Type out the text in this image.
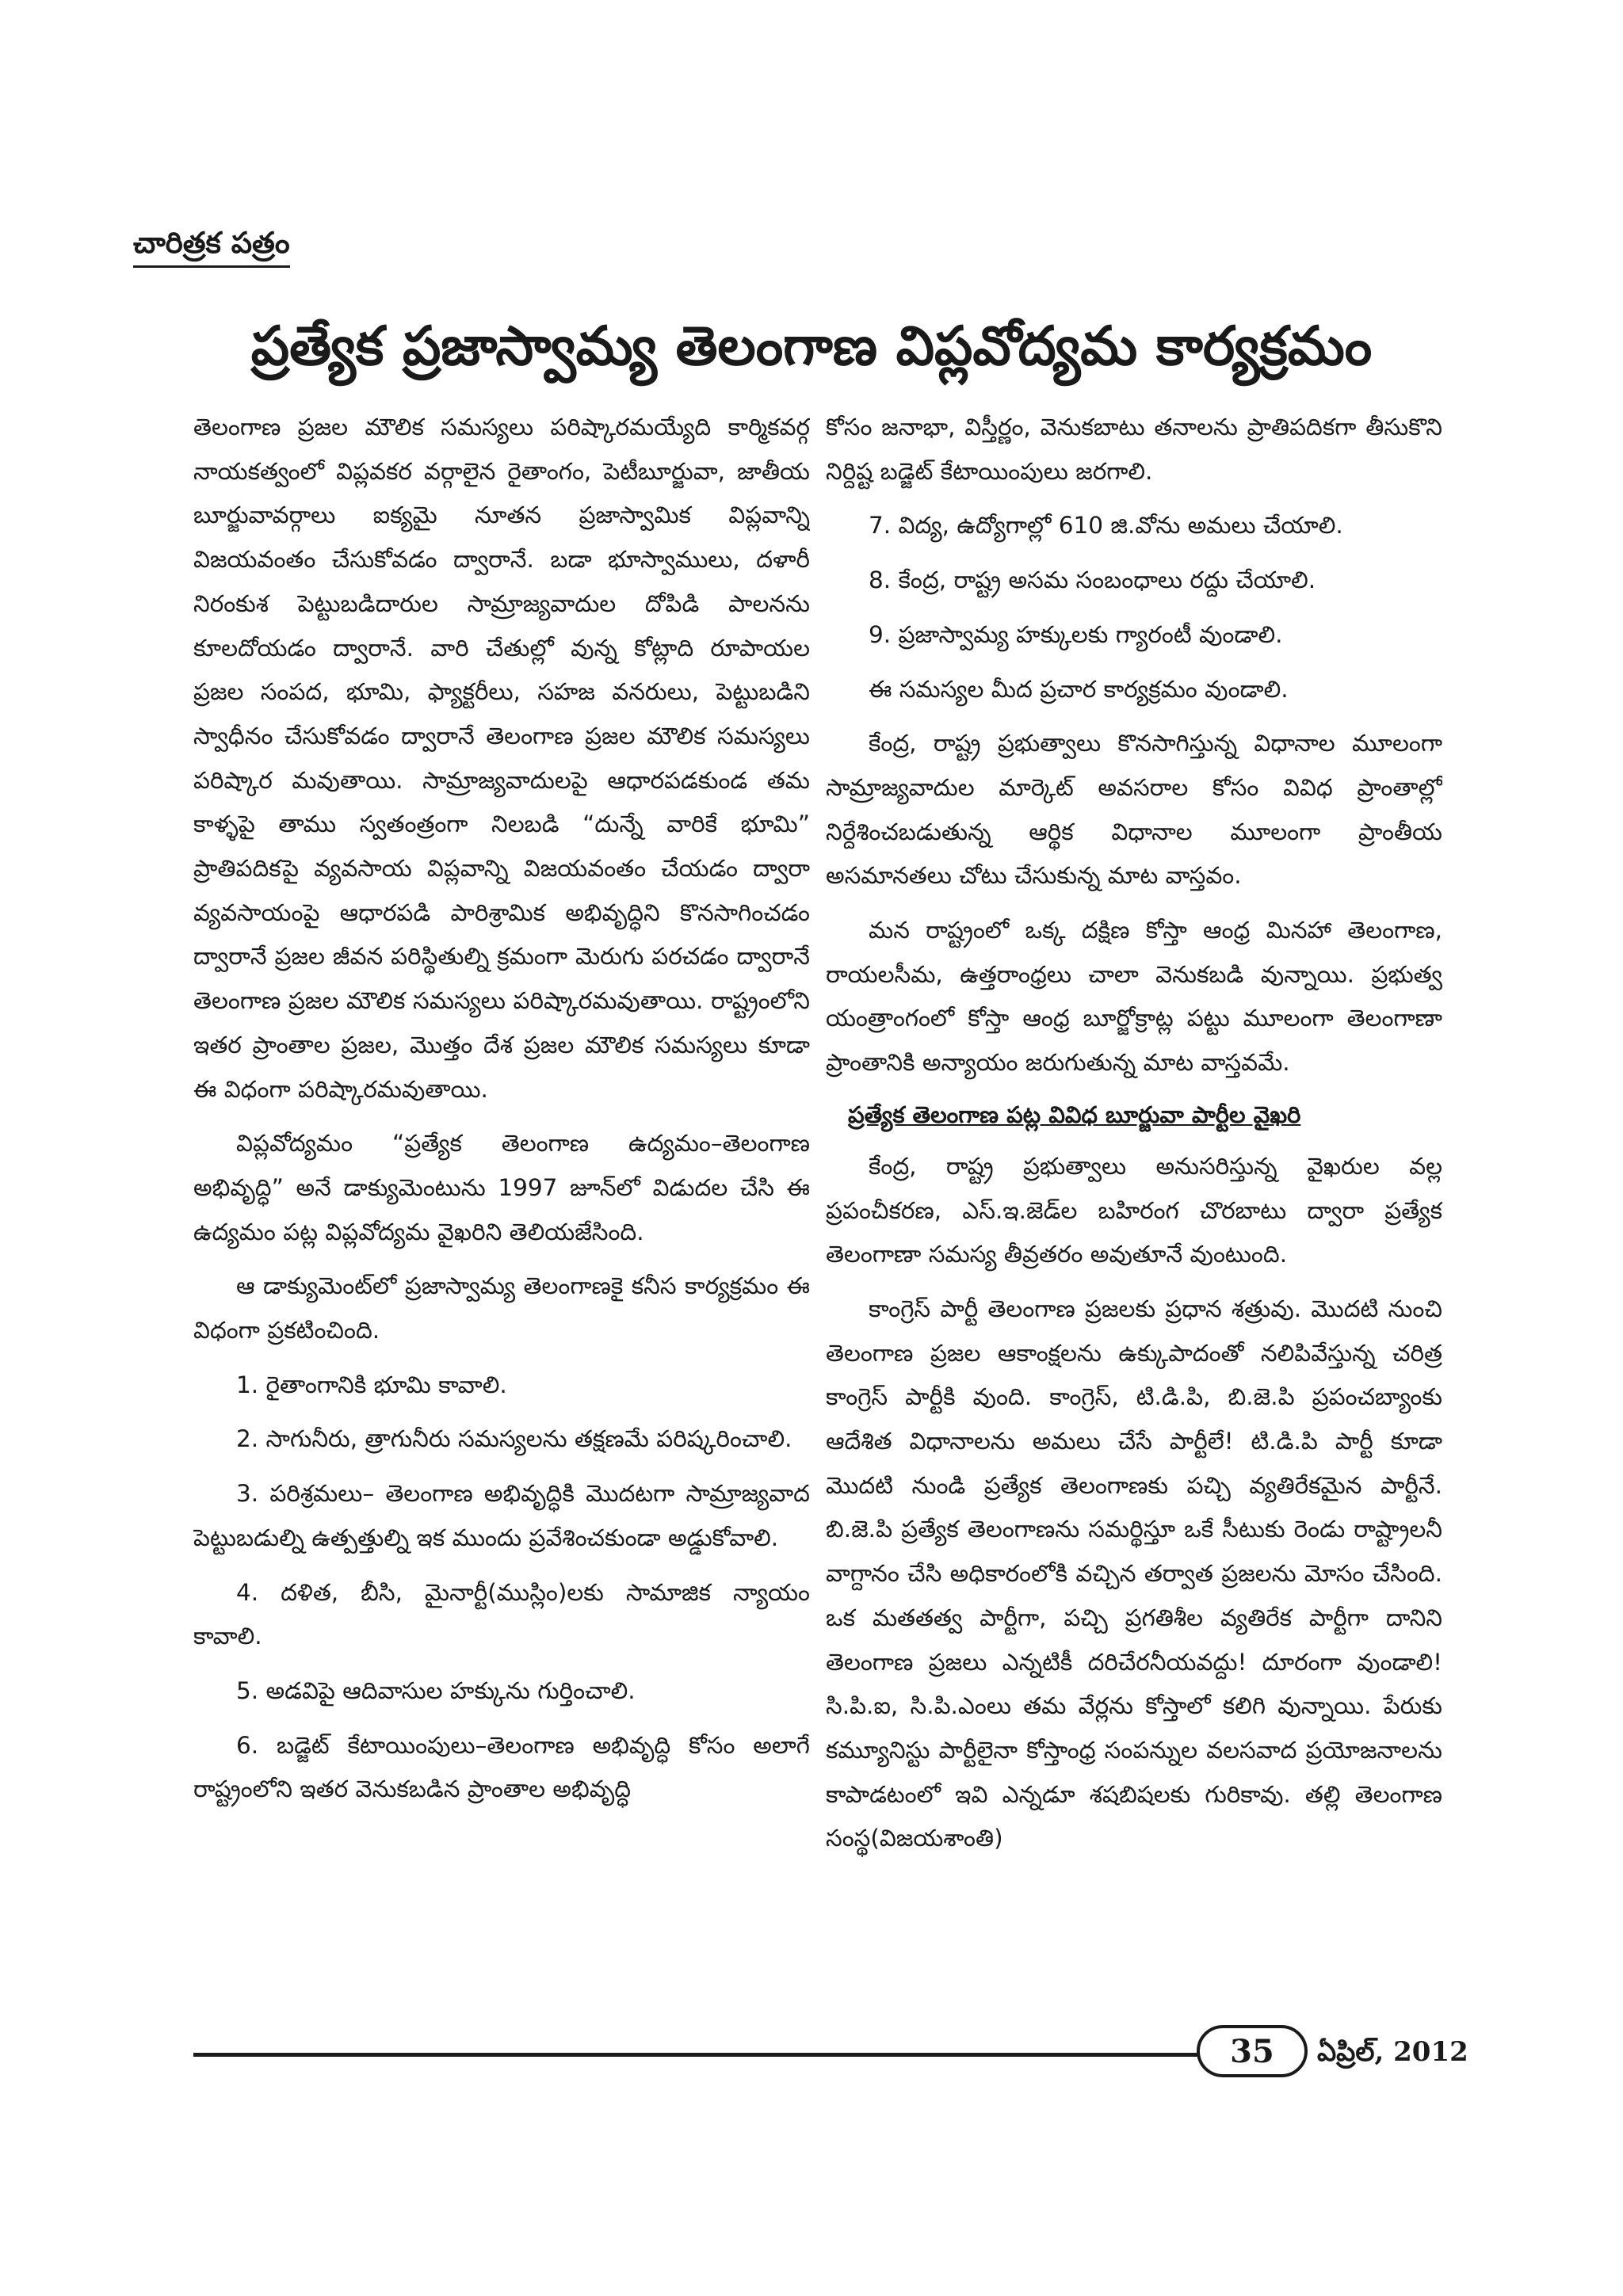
చారిత్రక పత్రం
ప్రత్యేక ప్రజాస్వామ్య తెలంగాణ విప్లవోద్యమ కార్యక్రమం

తెలంగాణ ప్రజల మౌలిక సమస్యలు పరిష్కారమయ్యేది కార్మికవర్గ నాయకత్వంలో విప్లవకర వర్గాలైన రైతాంగం, పెటీబూర్జువా, జాతీయ బూర్జువావర్గాలు ఐక్యమై నూతన ప్రజాస్వామిక విప్లవాన్ని విజయవంతం చేసుకోవడం ద్వారానే. బడా భూస్వాములు, దళారీ నిరంకుశ పెట్టుబడిదారుల సామ్రాజ్యవాదుల దోపిడి పాలనను కూలదోయడం ద్వారానే. వారి చేతుల్లో వున్న కోట్లాది రూపాయల ప్రజల సంపద, భూమి, ఫ్యాక్టరీలు, సహజ వనరులు, పెట్టుబడిని స్వాధీనం చేసుకోవడం ద్వారానే తెలంగాణ ప్రజల మౌలిక సమస్యలు పరిష్కార మవుతాయి. సామ్రాజ్యవాదులపై ఆధారపడకుండ తమ కాళ్ళపై తాము స్వతంత్రంగా నిలబడి “దున్నే వారికే భూమి” ప్రాతిపదికపై వ్యవసాయ విప్లవాన్ని విజయవంతం చేయడం ద్వారా వ్యవసాయంపై ఆధారపడి పారిశ్రామిక అభివృద్ధిని కొనసాగించడం ద్వారానే ప్రజల జీవన పరిస్థితుల్ని క్రమంగా మెరుగు పరచడం ద్వారానే తెలంగాణ ప్రజల మౌలిక సమస్యలు పరిష్కారమవుతాయి. రాష్ట్రంలోని ఇతర ప్రాంతాల ప్రజల, మొత్తం దేశ ప్రజల మౌలిక సమస్యలు కూడా ఈ విధంగా పరిష్కారమవుతాయి.

విప్లవోద్యమం “ప్రత్యేక తెలంగాణ ఉద్యమం–తెలంగాణ అభివృద్ధి” అనే డాక్యుమెంటును 1997 జూన్‌లో విడుదల చేసి ఈ ఉద్యమం పట్ల విప్లవోద్యమ వైఖరిని తెలియజేసింది.

ఆ డాక్యుమెంట్‌లో ప్రజాస్వామ్య తెలంగాణకై కనీస కార్యక్రమం ఈ విధంగా ప్రకటించింది.

1. రైతాంగానికి భూమి కావాలి.

2. సాగునీరు, త్రాగునీరు సమస్యలను తక్షణమే పరిష్కరించాలి.

3. పరిశ్రమలు– తెలంగాణ అభివృద్ధికి మొదటగా సామ్రాజ్యవాద పెట్టుబడుల్ని ఉత్పత్తుల్ని ఇక ముందు ప్రవేశించకుండా అడ్డుకోవాలి.

4. దళిత, బీసి, మైనార్టీ(ముస్లిం)లకు సామాజిక న్యాయం కావాలి.

5. అడవిపై ఆదివాసుల హక్కును గుర్తించాలి.

6. బడ్జెట్ కేటాయింపులు–తెలంగాణ అభివృద్ధి కోసం అలాగే రాష్ట్రంలోని ఇతర వెనుకబడిన ప్రాంతాల అభివృద్ధి

కోసం జనాభా, విస్తీర్ణం, వెనుకబాటు తనాలను ప్రాతిపదికగా తీసుకొని నిర్దిష్ట బడ్జెట్ కేటాయింపులు జరగాలి.

7. విద్య, ఉద్యోగాల్లో 610 జి.వోను అమలు చేయాలి.

8. కేంద్ర, రాష్ట్ర అసమ సంబంధాలు రద్దు చేయాలి.

9. ప్రజాస్వామ్య హక్కులకు గ్యారంటీ వుండాలి.

ఈ సమస్యల మీద ప్రచార కార్యక్రమం వుండాలి.

కేంద్ర, రాష్ట్ర ప్రభుత్వాలు కొనసాగిస్తున్న విధానాల మూలంగా సామ్రాజ్యవాదుల మార్కెట్ అవసరాల కోసం వివిధ ప్రాంతాల్లో నిర్దేశించబడుతున్న ఆర్థిక విధానాల మూలంగా ప్రాంతీయ అసమానతలు చోటు చేసుకున్న మాట వాస్తవం.

మన రాష్ట్రంలో ఒక్క దక్షిణ కోస్తా ఆంధ్ర మినహా తెలంగాణ, రాయలసీమ, ఉత్తరాంధ్రలు చాలా వెనుకబడి వున్నాయి. ప్రభుత్వ యంత్రాంగంలో కోస్తా ఆంధ్ర బూర్జోక్రాట్ల పట్టు మూలంగా తెలంగాణా ప్రాంతానికి అన్యాయం జరుగుతున్న మాట వాస్తవమే.

ప్రత్యేక తెలంగాణ పట్ల వివిధ బూర్జువా పార్టీల వైఖరి

కేంద్ర, రాష్ట్ర ప్రభుత్వాలు అనుసరిస్తున్న వైఖరుల వల్ల ప్రపంచీకరణ, ఎస్.ఇ.జెడ్‌ల బహిరంగ చొరబాటు ద్వారా ప్రత్యేక తెలంగాణా సమస్య తీవ్రతరం అవుతూనే వుంటుంది.

కాంగ్రెస్ పార్టీ తెలంగాణ ప్రజలకు ప్రధాన శత్రువు. మొదటి నుంచి తెలంగాణ ప్రజల ఆకాంక్షలను ఉక్కుపాదంతో నలిపివేస్తున్న చరిత్ర కాంగ్రెస్ పార్టీకి వుంది. కాంగ్రెస్, టి.డి.పి, బి.జె.పి ప్రపంచబ్యాంకు ఆదేశిత విధానాలను అమలు చేసే పార్టీలే! టి.డి.పి పార్టీ కూడా మొదటి నుండి ప్రత్యేక తెలంగాణకు పచ్చి వ్యతిరేకమైన పార్టీనే. బి.జె.పి ప్రత్యేక తెలంగాణను సమర్థిస్తూ ఒకే సీటుకు రెండు రాష్ట్రాలనీ వాగ్దానం చేసి అధికారంలోకి వచ్చిన తర్వాత ప్రజలను మోసం చేసింది. ఒక మతతత్వ పార్టీగా, పచ్చి ప్రగతిశీల వ్యతిరేక పార్టీగా దానిని తెలంగాణ ప్రజలు ఎన్నటికీ దరిచేరనీయవద్దు! దూరంగా వుండాలి! సి.పి.ఐ, సి.పి.ఎంలు తమ వేర్లను కోస్తాలో కలిగి వున్నాయి. పేరుకు కమ్యూనిస్టు పార్టీలైనా కోస్తాంధ్ర సంపన్నుల వలసవాద ప్రయోజనాలను కాపాడటంలో ఇవి ఎన్నడూ శషబిషలకు గురికావు. తల్లి తెలంగాణ సంస్థ(విజయశాంతి)

35 ఏప్రిల్, 2012
